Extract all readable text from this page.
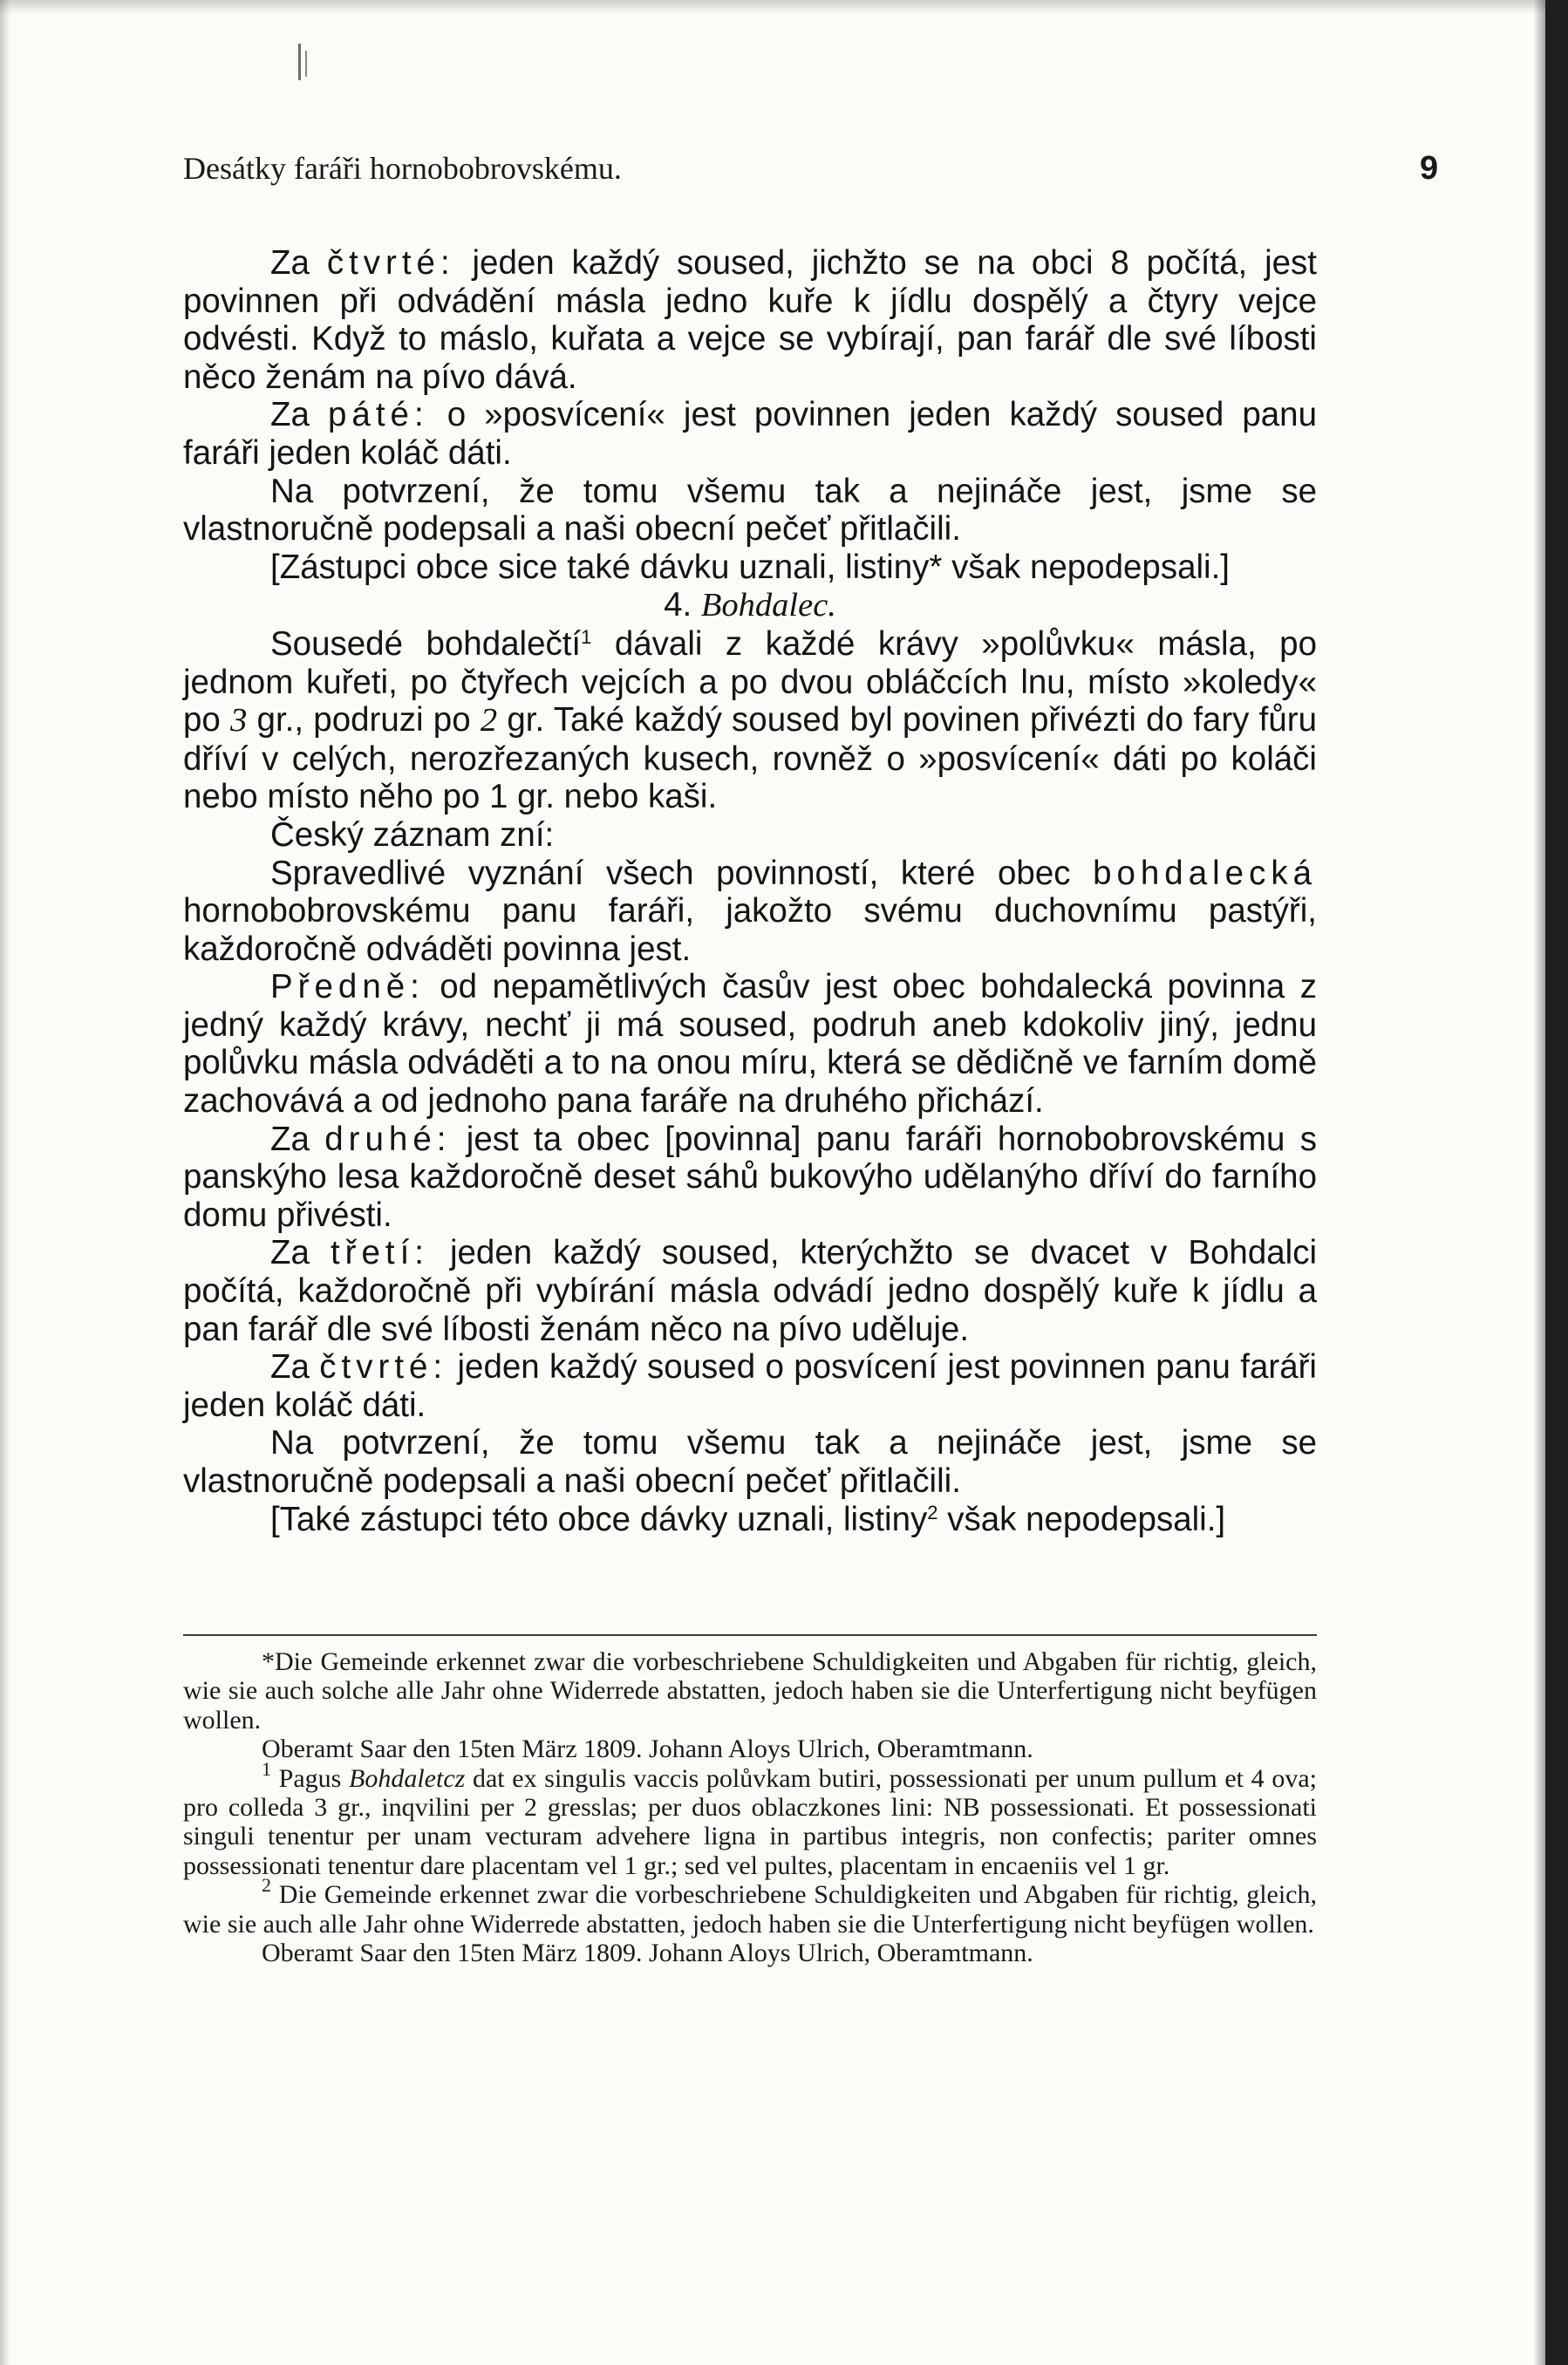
Desátky faráři hornobobrovskému.	9

Za čtvrté: jeden každý soused, jichžto se na obci 8 počítá, jest povinnen při odvádění másla jedno kuře k jídlu dospělý a čtyry vejce odvésti. Když to máslo, kuřata a vejce se vybírají, pan farář dle své líbosti něco ženám na pívo dává.

Za páté: o »posvícení« jest povinnen jeden každý soused panu faráři jeden koláč dáti.

Na potvrzení, že tomu všemu tak a nejináče jest, jsme se vlastnoručně podepsali a naši obecní pečeť přitlačili.

[Zástupci obce sice také dávku uznali, listiny* však nepodepsali.]

4. Bohdalec.

Sousedé bohdalečtí$^1$ dávali z každé krávy »polůvku« másla, po jednom kuřeti, po čtyřech vejcích a po dvou obláčcích lnu, místo »koledy« po 3 gr., podruzi po 2 gr. Také každý soused byl povinen přivézti do fary fůru dříví v celých, nerozřezaných kusech, rovněž o »posvícení« dáti po koláči nebo místo něho po 1 gr. nebo kaši.

Český záznam zní:

Spravedlivé vyznání všech povinností, které obec bohdalecká hornobobrovskému panu faráři, jakožto svému duchovnímu pastýři, každoročně odváděti povinna jest.

Předně: od nepamětlivých časův jest obec bohdalecká povinna z jedný každý krávy, nechť ji má soused, podruh aneb kdokoliv jiný, jednu polůvku másla odváděti a to na onou míru, která se dědičně ve farním domě zachovává a od jednoho pana faráře na druhého přichází.

Za druhé: jest ta obec [povinna] panu faráři hornobobrovskému s panskýho lesa každoročně deset sáhů bukovýho udělanýho dříví do farního domu přivésti.

Za třetí: jeden každý soused, kterýchžto se dvacet v Bohdalci počítá, každoročně při vybírání másla odvádí jedno dospělý kuře k jídlu a pan farář dle své líbosti ženám něco na pívo uděluje.

Za čtvrté: jeden každý soused o posvícení jest povinnen panu faráři jeden koláč dáti.

Na potvrzení, že tomu všemu tak a nejináče jest, jsme se vlastnoručně podepsali a naši obecní pečeť přitlačili.

[Také zástupci této obce dávky uznali, listiny$^2$ však nepodepsali.]

*Die Gemeinde erkennet zwar die vorbeschriebene Schuldigkeiten und Abgaben für richtig, gleich, wie sie auch solche alle Jahr ohne Widerrede abstatten, jedoch haben sie die Unterfertigung nicht beyfügen wollen.

Oberamt Saar den 15ten März 1809. Johann Aloys Ulrich, Oberamtmann.

$^1$ Pagus Bohdaletcz dat ex singulis vaccis polůvkam butiri, possessionati per unum pullum et 4 ova; pro colleda 3 gr., inqvilini per 2 gresslas; per duos oblaczkones lini: NB possessionati. Et possessionati singuli tenentur per unam vecturam advehere ligna in partibus integris, non confectis; pariter omnes possessionati tenentur dare placentam vel 1 gr.; sed vel pultes, placentam in encaeniis vel 1 gr.

$^2$ Die Gemeinde erkennet zwar die vorbeschriebene Schuldigkeiten und Abgaben für richtig, gleich, wie sie auch alle Jahr ohne Widerrede abstatten, jedoch haben sie die Unterfertigung nicht beyfügen wollen.

Oberamt Saar den 15ten März 1809. Johann Aloys Ulrich, Oberamtmann.
